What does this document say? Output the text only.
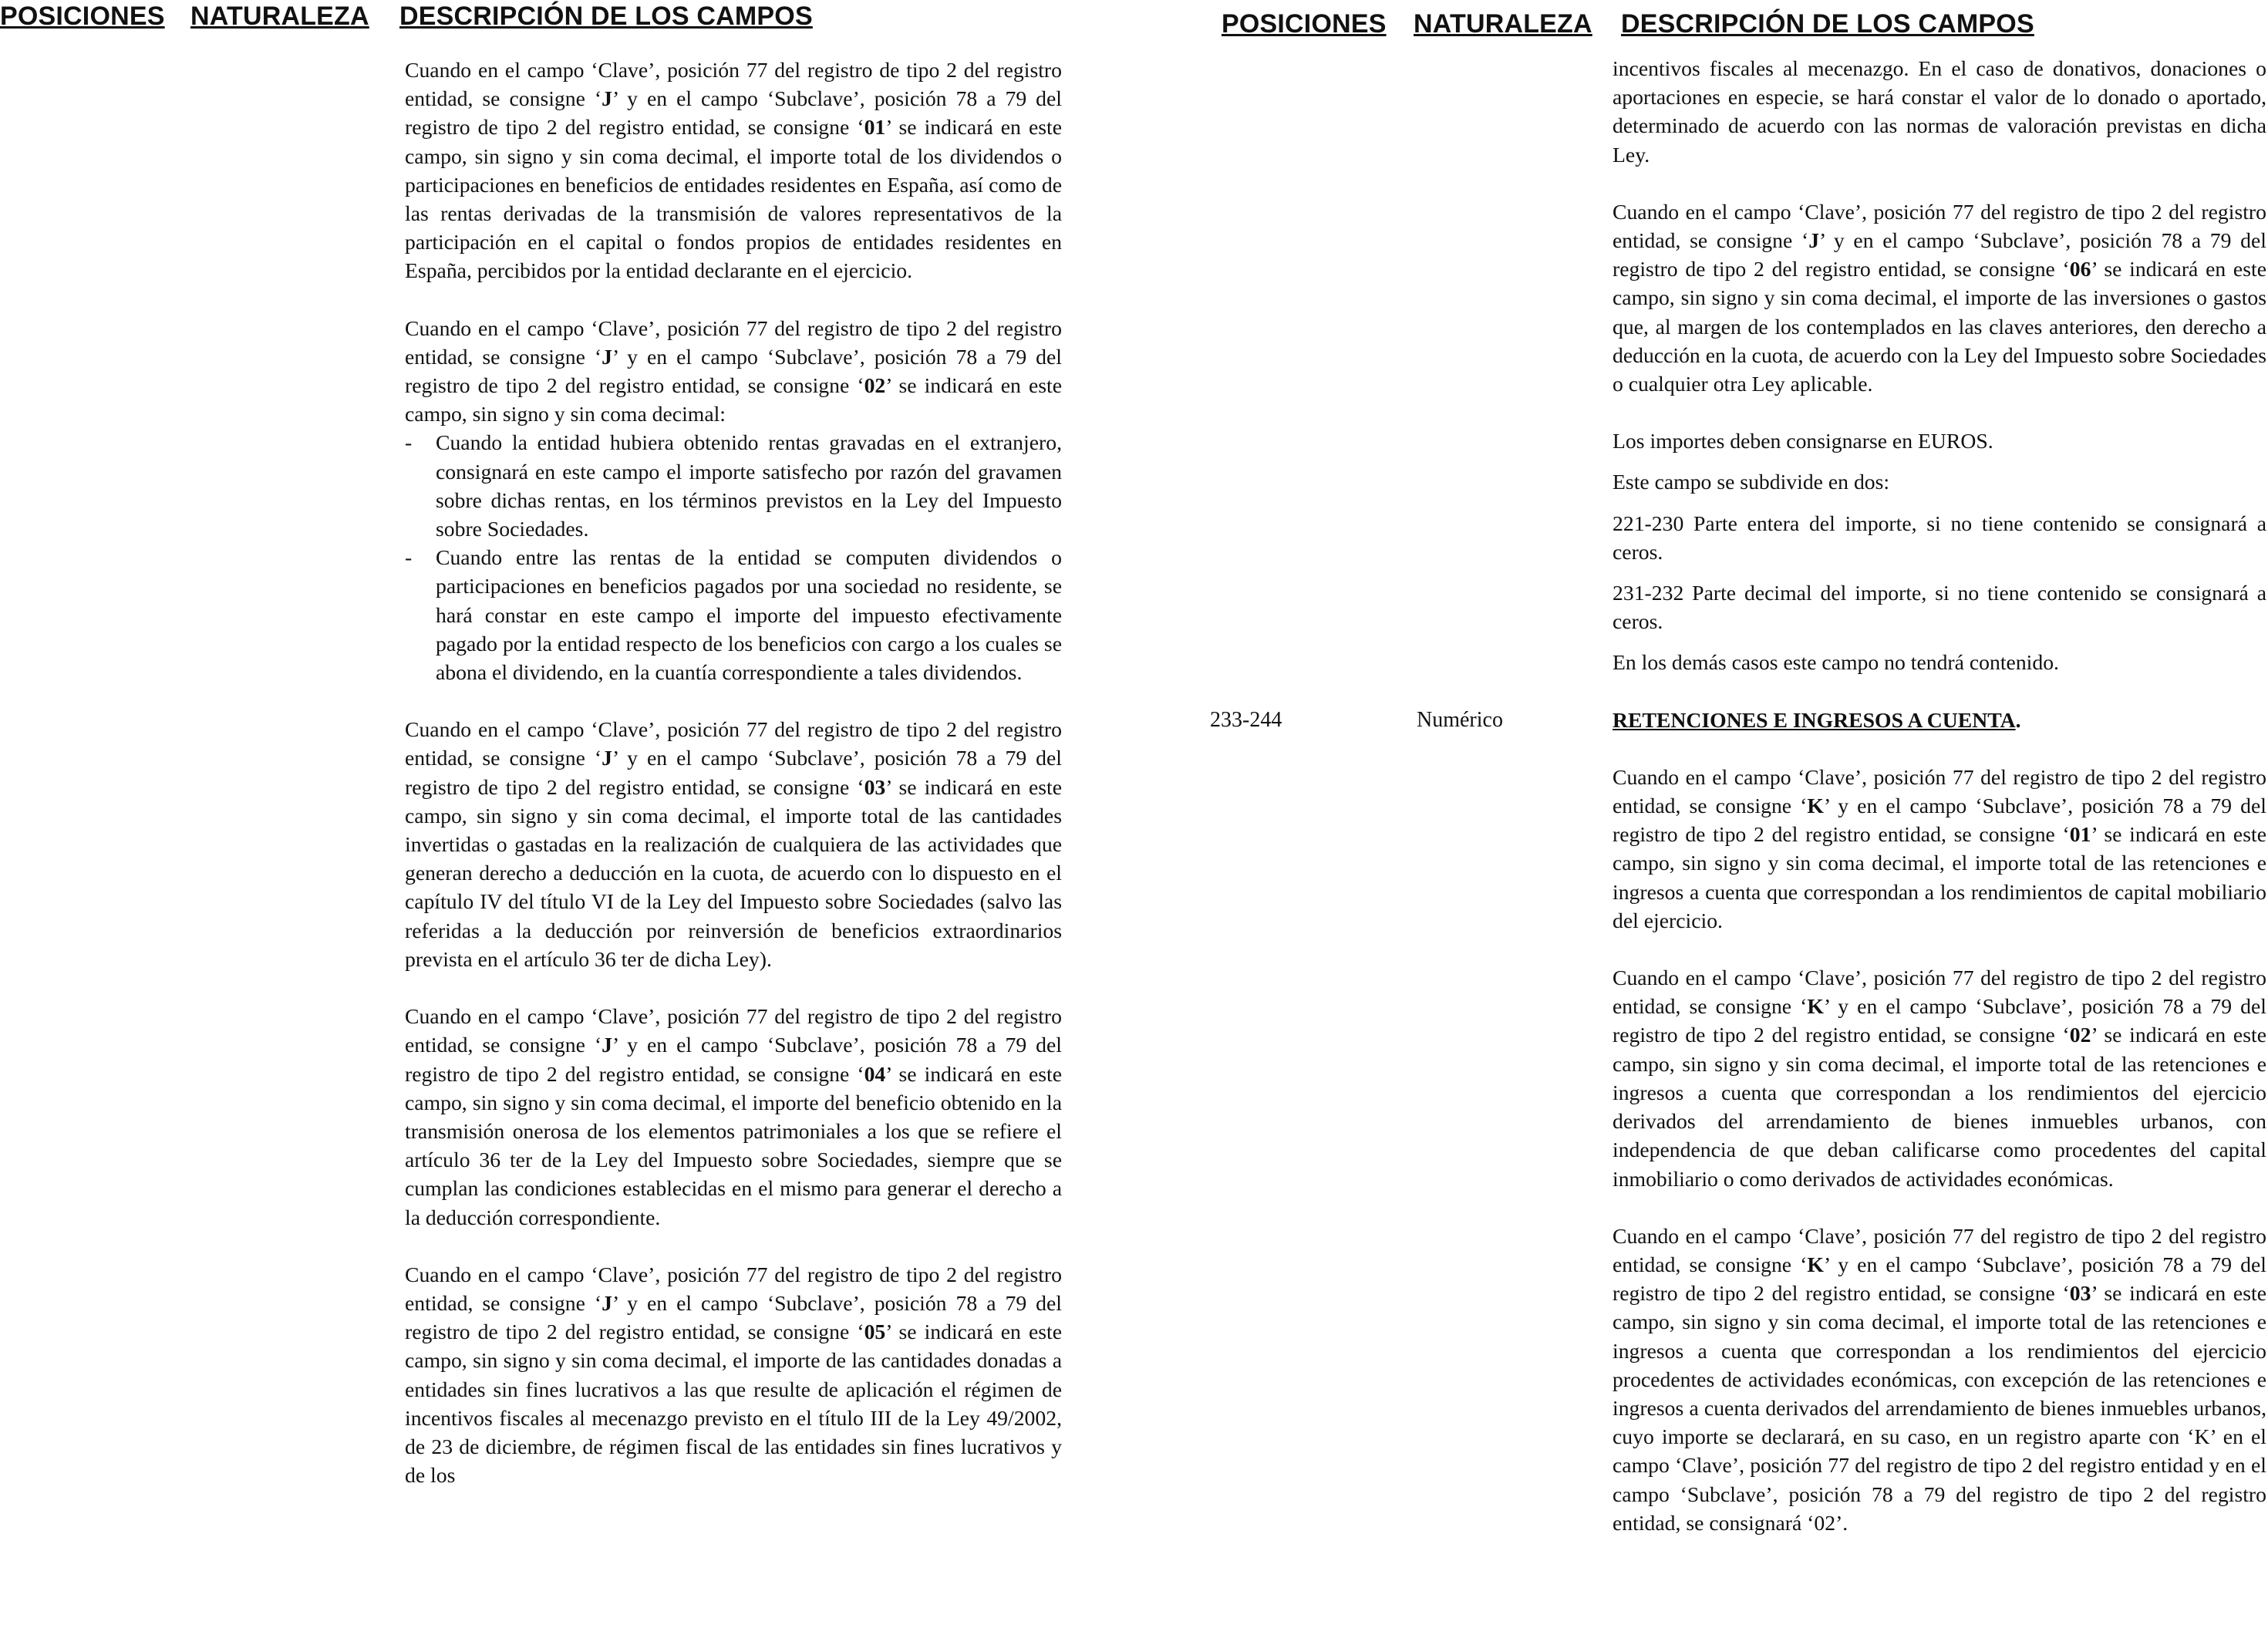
POSICIONES NATURALEZA DESCRIPCIÓN DE LOS CAMPOS

Cuando en el campo ‘Clave’, posición 77 del registro de tipo 2 del registro entidad, se consigne ‘J’ y en el campo ‘Subclave’, posición 78 a 79 del registro de tipo 2 del registro entidad, se consigne ‘01’ se indicará en este campo, sin signo y sin coma decimal, el importe total de los dividendos o participaciones en beneficios de entidades residentes en España, así como de las rentas derivadas de la transmisión de valores representativos de la participación en el capital o fondos propios de entidades residentes en España, percibidos por la entidad declarante en el ejercicio.

Cuando en el campo ‘Clave’, posición 77 del registro de tipo 2 del registro entidad, se consigne ‘J’ y en el campo ‘Subclave’, posición 78 a 79 del registro de tipo 2 del registro entidad, se consigne ‘02’ se indicará en este campo, sin signo y sin coma decimal:

- Cuando la entidad hubiera obtenido rentas gravadas en el extranjero, consignará en este campo el importe satisfecho por razón del gravamen sobre dichas rentas, en los términos previstos en la Ley del Impuesto sobre Sociedades.
- Cuando entre las rentas de la entidad se computen dividendos o participaciones en beneficios pagados por una sociedad no residente, se hará constar en este campo el importe del impuesto efectivamente pagado por la entidad respecto de los beneficios con cargo a los cuales se abona el dividendo, en la cuantía correspondiente a tales dividendos.

Cuando en el campo ‘Clave’, posición 77 del registro de tipo 2 del registro entidad, se consigne ‘J’ y en el campo ‘Subclave’, posición 78 a 79 del registro de tipo 2 del registro entidad, se consigne ‘03’ se indicará en este campo, sin signo y sin coma decimal, el importe total de las cantidades invertidas o gastadas en la realización de cualquiera de las actividades que generan derecho a deducción en la cuota, de acuerdo con lo dispuesto en el capítulo IV del título VI de la Ley del Impuesto sobre Sociedades (salvo las referidas a la deducción por reinversión de beneficios extraordinarios prevista en el artículo 36 ter de dicha Ley).

Cuando en el campo ‘Clave’, posición 77 del registro de tipo 2 del registro entidad, se consigne ‘J’ y en el campo ‘Subclave’, posición 78 a 79 del registro de tipo 2 del registro entidad, se consigne ‘04’ se indicará en este campo, sin signo y sin coma decimal, el importe del beneficio obtenido en la transmisión onerosa de los elementos patrimoniales a los que se refiere el artículo 36 ter de la Ley del Impuesto sobre Sociedades, siempre que se cumplan las condiciones establecidas en el mismo para generar el derecho a la deducción correspondiente.

Cuando en el campo ‘Clave’, posición 77 del registro de tipo 2 del registro entidad, se consigne ‘J’ y en el campo ‘Subclave’, posición 78 a 79 del registro de tipo 2 del registro entidad, se consigne ‘05’ se indicará en este campo, sin signo y sin coma decimal, el importe de las cantidades donadas a entidades sin fines lucrativos a las que resulte de aplicación el régimen de incentivos fiscales al mecenazgo previsto en el título III de la Ley 49/2002, de 23 de diciembre, de régimen fiscal de las entidades sin fines lucrativos y de los

POSICIONES NATURALEZA DESCRIPCIÓN DE LOS CAMPOS

incentivos fiscales al mecenazgo. En el caso de donativos, donaciones o aportaciones en especie, se hará constar el valor de lo donado o aportado, determinado de acuerdo con las normas de valoración previstas en dicha Ley.

Cuando en el campo ‘Clave’, posición 77 del registro de tipo 2 del registro entidad, se consigne ‘J’ y en el campo ‘Subclave’, posición 78 a 79 del registro de tipo 2 del registro entidad, se consigne ‘06’ se indicará en este campo, sin signo y sin coma decimal, el importe de las inversiones o gastos que, al margen de los contemplados en las claves anteriores, den derecho a deducción en la cuota, de acuerdo con la Ley del Impuesto sobre Sociedades o cualquier otra Ley aplicable.

Los importes deben consignarse en EUROS.

Este campo se subdivide en dos:

221-230 Parte entera del importe, si no tiene contenido se consignará a ceros.

231-232 Parte decimal del importe, si no tiene contenido se consignará a ceros.

En los demás casos este campo no tendrá contenido.

233-244	Numérico	RETENCIONES E INGRESOS A CUENTA.

Cuando en el campo ‘Clave’, posición 77 del registro de tipo 2 del registro entidad, se consigne ‘K’ y en el campo ‘Subclave’, posición 78 a 79 del registro de tipo 2 del registro entidad, se consigne ‘01’ se indicará en este campo, sin signo y sin coma decimal, el importe total de las retenciones e ingresos a cuenta que correspondan a los rendimientos de capital mobiliario del ejercicio.

Cuando en el campo ‘Clave’, posición 77 del registro de tipo 2 del registro entidad, se consigne ‘K’ y en el campo ‘Subclave’, posición 78 a 79 del registro de tipo 2 del registro entidad, se consigne ‘02’ se indicará en este campo, sin signo y sin coma decimal, el importe total de las retenciones e ingresos a cuenta que correspondan a los rendimientos del ejercicio derivados del arrendamiento de bienes inmuebles urbanos, con independencia de que deban calificarse como procedentes del capital inmobiliario o como derivados de actividades económicas.

Cuando en el campo ‘Clave’, posición 77 del registro de tipo 2 del registro entidad, se consigne ‘K’ y en el campo ‘Subclave’, posición 78 a 79 del registro de tipo 2 del registro entidad, se consigne ‘03’ se indicará en este campo, sin signo y sin coma decimal, el importe total de las retenciones e ingresos a cuenta que correspondan a los rendimientos del ejercicio procedentes de actividades económicas, con excepción de las retenciones e ingresos a cuenta derivados del arrendamiento de bienes inmuebles urbanos, cuyo importe se declarará, en su caso, en un registro aparte con ‘K’ en el campo ‘Clave’, posición 77 del registro de tipo 2 del registro entidad y en el campo ‘Subclave’, posición 78 a 79 del registro de tipo 2 del registro entidad, se consignará ‘02’.
